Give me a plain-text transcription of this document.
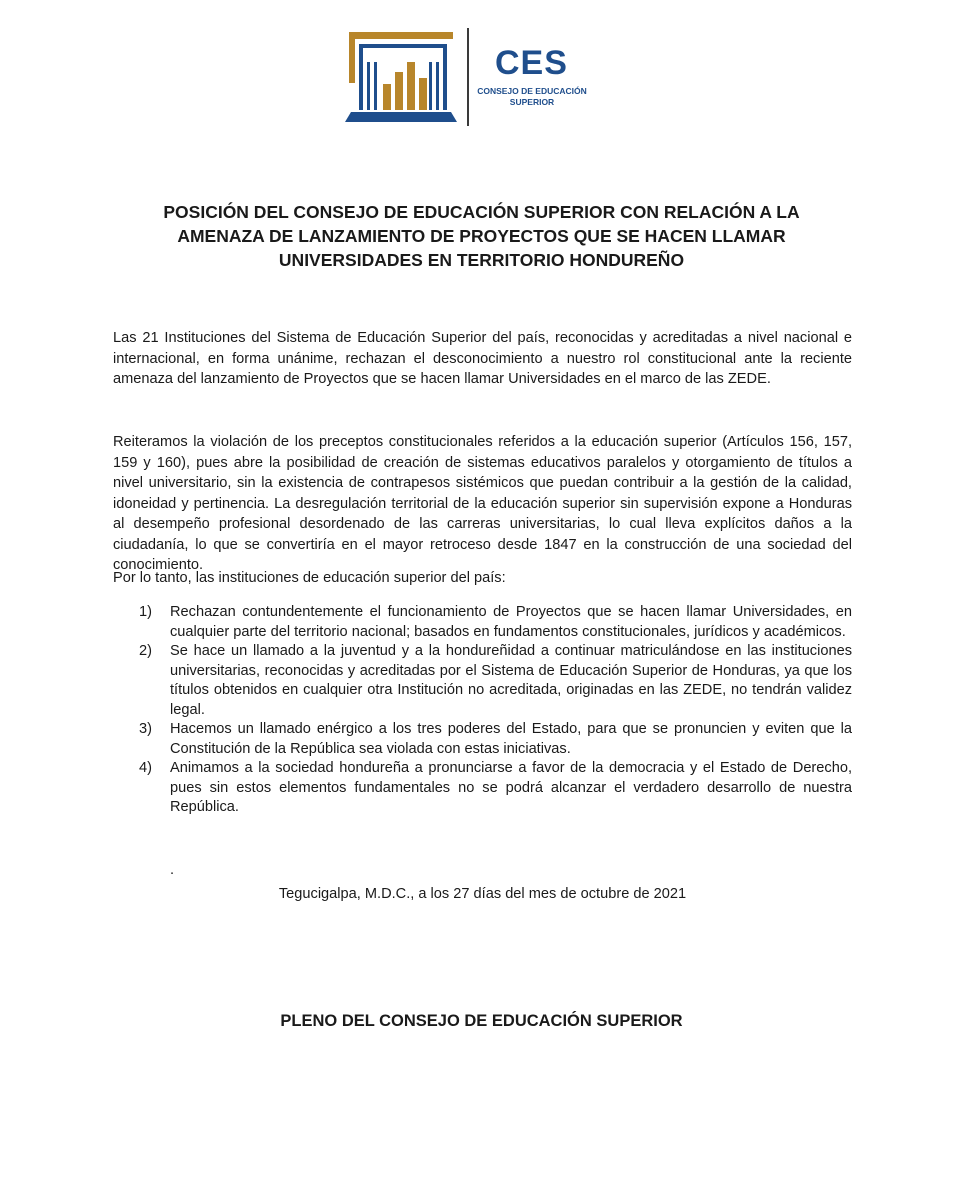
CES
CONSEJO DE EDUCACIÓN
SUPERIOR
POSICIÓN DEL CONSEJO DE EDUCACIÓN SUPERIOR CON RELACIÓN A LA
AMENAZA DE LANZAMIENTO DE PROYECTOS QUE SE HACEN LLAMAR
UNIVERSIDADES EN TERRITORIO HONDUREÑO

Las 21 Instituciones del Sistema de Educación Superior del país, reconocidas y acreditadas a nivel nacional e internacional, en forma unánime, rechazan el desconocimiento a nuestro rol constitucional ante la reciente amenaza del lanzamiento de Proyectos que se hacen llamar Universidades en el marco de las ZEDE.

Reiteramos la violación de los preceptos constitucionales referidos a la educación superior (Artículos 156, 157, 159 y 160), pues abre la posibilidad de creación de sistemas educativos paralelos y otorgamiento de títulos a nivel universitario, sin la existencia de contrapesos sistémicos que puedan contribuir a la gestión de la calidad, idoneidad y pertinencia. La desregulación territorial de la educación superior sin supervisión expone a Honduras al desempeño profesional desordenado de las carreras universitarias, lo cual lleva explícitos daños a la ciudadanía, lo que se convertiría en el mayor retroceso desde 1847 en la construcción de una sociedad del conocimiento.

Por lo tanto, las instituciones de educación superior del país:

1) Rechazan contundentemente el funcionamiento de Proyectos que se hacen llamar Universidades, en cualquier parte del territorio nacional; basados en fundamentos constitucionales, jurídicos y académicos.
2) Se hace un llamado a la juventud y a la hondureñidad a continuar matriculándose en las instituciones universitarias, reconocidas y acreditadas por el Sistema de Educación Superior de Honduras, ya que los títulos obtenidos en cualquier otra Institución no acreditada, originadas en las ZEDE, no tendrán validez legal.
3) Hacemos un llamado enérgico a los tres poderes del Estado, para que se pronuncien y eviten que la Constitución de la República sea violada con estas iniciativas.
4) Animamos a la sociedad hondureña a pronunciarse a favor de la democracia y el Estado de Derecho, pues sin estos elementos fundamentales no se podrá alcanzar el verdadero desarrollo de nuestra República.
.
Tegucigalpa, M.D.C., a los 27 días del mes de octubre de 2021
PLENO DEL CONSEJO DE EDUCACIÓN SUPERIOR
